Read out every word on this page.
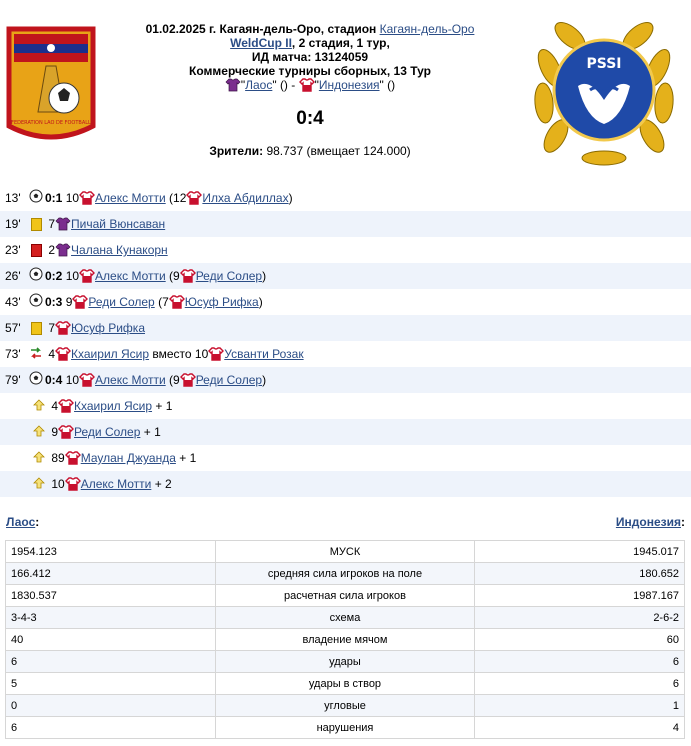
FEDERATION LAO DE FOOTBALL
01.02.2025 г. Кагаян-дель-Оро, стадион Кагаян-дель-Оро
WeldCup II, 2 стадия, 1 тур,
ИД матча: 13124059
Коммерческие турниры сборных, 13 Тур
"Лаос" () - "Индонезия" ()
0:4
Зрители: 98.737 (вмещает 124.000)
PSSI
13' 0:1 10 Алекс Мотти (12 Илха Абдиллах)
19' 7 Пичай Вюнсаван
23' 2 Чалана Кунакорн
26' 0:2 10 Алекс Мотти (9 Реди Солер)
43' 0:3 9 Реди Солер (7 Юсуф Рифка)
57' 7 Юсуф Рифка
73' 4 Кхаирил Ясир вместо 10 Усванти Розак
79' 0:4 10 Алекс Мотти (9 Реди Солер)
4 Кхаирил Ясир + 1
9 Реди Солер + 1
89 Маулан Джуанда + 1
10 Алекс Мотти + 2
Лаос:	Индонезия:
1954.123	МУСК	1945.017
166.412	средняя сила игроков на поле	180.652
1830.537	расчетная сила игроков	1987.167
3-4-3	схема	2-6-2
40	владение мячом	60
6	удары	6
5	удары в створ	6
0	угловые	1
6	нарушения	4
